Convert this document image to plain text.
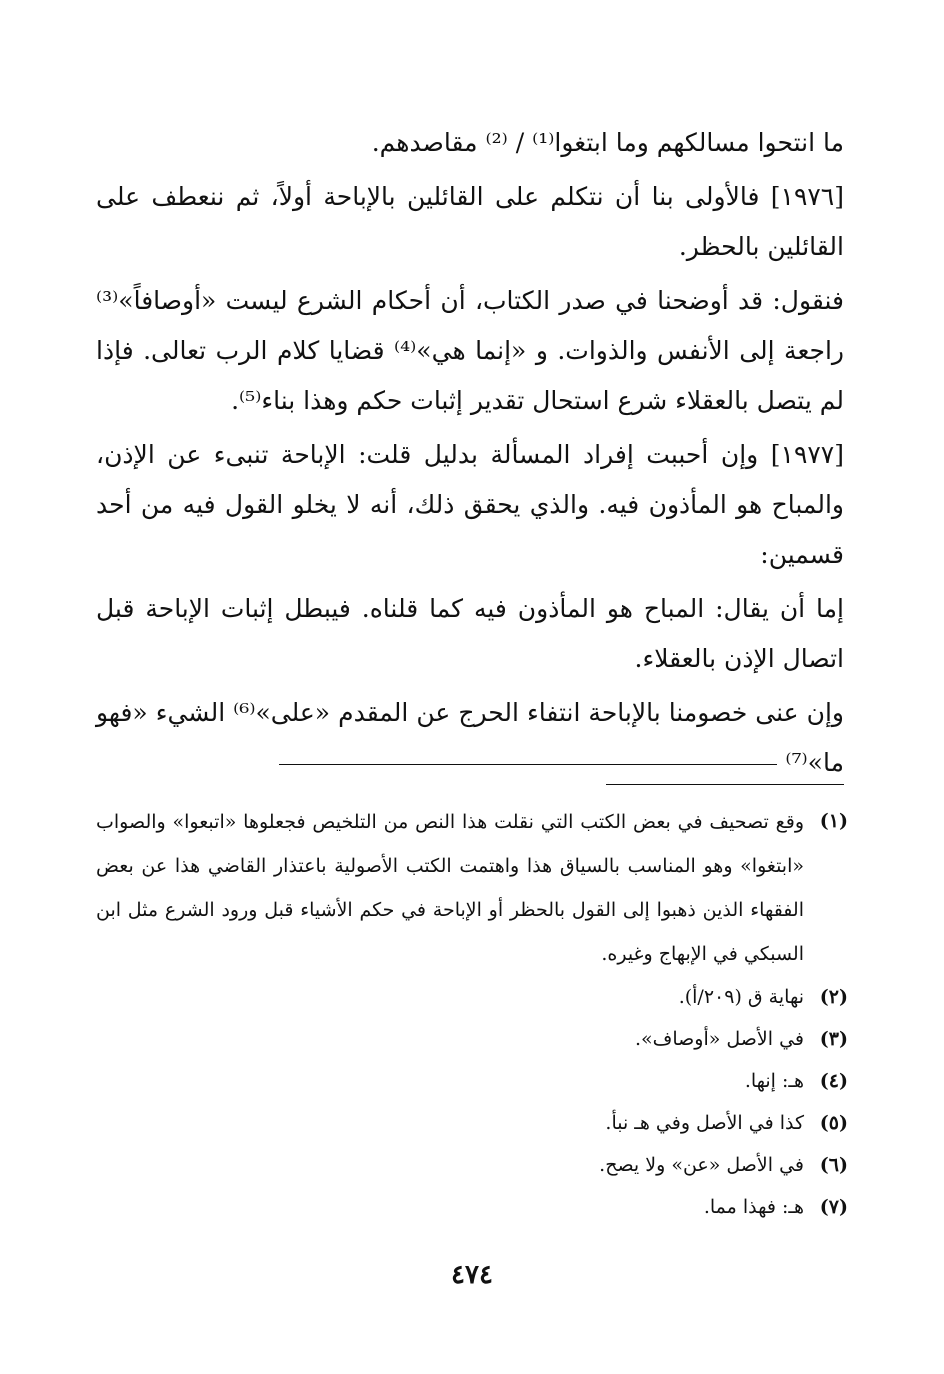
ما انتحوا مسالكهم وما ابتغوا⁽¹⁾ / ⁽²⁾ مقاصدهم.

[١٩٧٦] فالأولى بنا أن نتكلم على القائلين بالإباحة أولاً، ثم ننعطف على القائلين بالحظر.

فنقول: قد أوضحنا في صدر الكتاب، أن أحكام الشرع ليست «أوصافاً»⁽³⁾ راجعة إلى الأنفس والذوات. و «إنما هي»⁽⁴⁾ قضايا كلام الرب تعالى. فإذا لم يتصل بالعقلاء شرع استحال تقدير إثبات حكم وهذا بناء⁽⁵⁾.

[١٩٧٧] وإن أحببت إفراد المسألة بدليل قلت: الإباحة تنبىء عن الإذن، والمباح هو المأذون فيه. والذي يحقق ذلك، أنه لا يخلو القول فيه من أحد قسمين:

إما أن يقال: المباح هو المأذون فيه كما قلناه. فيبطل إثبات الإباحة قبل اتصال الإذن بالعقلاء.

وإن عنى خصومنا بالإباحة انتفاء الحرج عن المقدم «على»⁽⁶⁾ الشيء «فهو ما»⁽⁷⁾

(١)
وقع تصحيف في بعض الكتب التي نقلت هذا النص من التلخيص فجعلوها «اتبعوا» والصواب «ابتغوا» وهو المناسب بالسياق هذا واهتمت الكتب الأصولية باعتذار القاضي هذا عن بعض الفقهاء الذين ذهبوا إلى القول بالحظر أو الإباحة في حكم الأشياء قبل ورود الشرع مثل ابن السبكي في الإبهاج وغيره.
(٢)
نهاية ق (٢٠٩/أ).
(٣)
في الأصل «أوصاف».
(٤)
هـ: إنها.
(٥)
كذا في الأصل وفي هـ نبأ.
(٦)
في الأصل «عن» ولا يصح.
(٧)
هـ: فهذا مما.
٤٧٤
